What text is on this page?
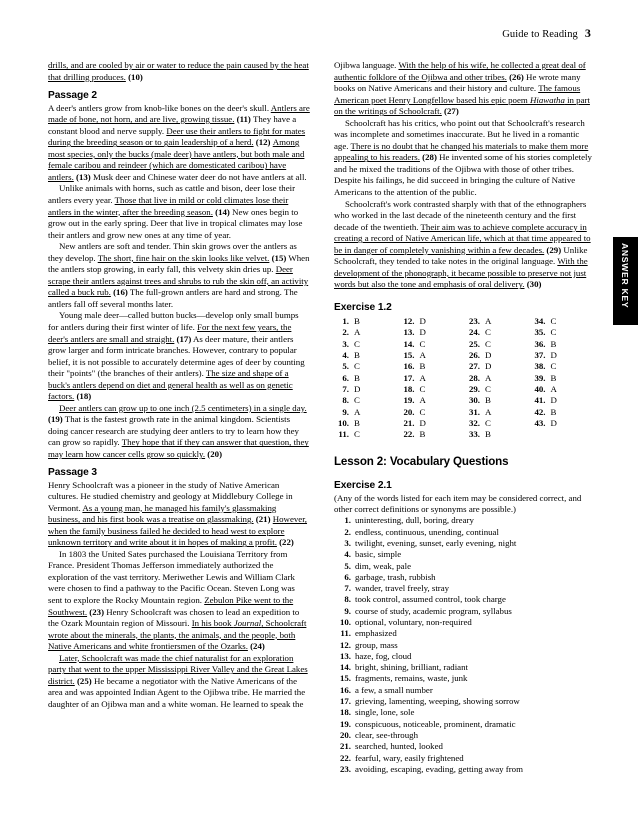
Guide to Reading 3
ANSWER KEY

drills, and are cooled by air or water to reduce the pain caused by the heat that drilling produces. (10)

Passage 2

A deer's antlers grow from knob-like bones on the deer's skull. Antlers are made of bone, not horn, and are live, growing tissue. (11) They have a constant blood and nerve supply. Deer use their antlers to fight for mates during the breeding season or to gain leadership of a herd. (12) Among most species, only the bucks (male deer) have antlers, but both male and female caribou and reindeer (which are domesticated caribou) have antlers. (13) Musk deer and Chinese water deer do not have antlers at all.

Unlike animals with horns, such as cattle and bison, deer lose their antlers every year. Those that live in mild or cold climates lose their antlers in the winter, after the breeding season. (14) New ones begin to grow out in the early spring. Deer that live in tropical climates may lose their antlers and grow new ones at any time of year.

New antlers are soft and tender. Thin skin grows over the antlers as they develop. The short, fine hair on the skin looks like velvet. (15) When the antlers stop growing, in early fall, this velvety skin dries up. Deer scrape their antlers against trees and shrubs to rub the skin off, an activity called a buck rub. (16) The full-grown antlers are hard and strong. The antlers fall off several months later.

Young male deer—called button bucks—develop only small bumps for antlers during their first winter of life. For the next few years, the deer's antlers are small and straight. (17) As deer mature, their antlers grow larger and form intricate branches. However, contrary to popular belief, it is not possible to accurately determine ages of deer by counting their "points" (the branches of their antlers). The size and shape of a buck's antlers depend on diet and general health as well as on genetic factors. (18)

Deer antlers can grow up to one inch (2.5 centimeters) in a single day. (19) That is the fastest growth rate in the animal kingdom. Scientists doing cancer research are studying deer antlers to try to learn how they can grow so rapidly. They hope that if they can answer that question, they may learn how cancer cells grow so quickly. (20)

Passage 3

Henry Schoolcraft was a pioneer in the study of Native American cultures. He studied chemistry and geology at Middlebury College in Vermont. As a young man, he managed his family's glassmaking business, and his first book was a treatise on glassmaking. (21) However, when the family business failed he decided to head west to explore unknown territory and write about it in hopes of making a profit. (22)

In 1803 the United Sates purchased the Louisiana Territory from France. President Thomas Jefferson immediately authorized the exploration of the vast territory. Meriwether Lewis and William Clark were chosen to find a pathway to the Pacific Ocean. Steven Long was sent to explore the Rocky Mountain region. Zebulon Pike went to the Southwest. (23) Henry Schoolcraft was chosen to lead an expedition to the Ozark Mountain region of Missouri. In his book Journal, Schoolcraft wrote about the minerals, the plants, the animals, and the people, both Native Americans and white frontiersmen of the Ozarks. (24)

Later, Schoolcraft was made the chief naturalist for an exploration party that went to the upper Mississippi River Valley and the Great Lakes district. (25) He became a negotiator with the Native Americans of the area and was appointed Indian Agent to the Ojibwa tribe. He married the daughter of an Ojibwa man and a white woman. He learned to speak the

Ojibwa language. With the help of his wife, he collected a great deal of authentic folklore of the Ojibwa and other tribes. (26) He wrote many books on Native Americans and their history and culture. The famous American poet Henry Longfellow based his epic poem Hiawatha in part on the writings of Schoolcraft. (27)

Schoolcraft has his critics, who point out that Schoolcraft's research was incomplete and sometimes inaccurate. But he lived in a romantic age. There is no doubt that he changed his materials to make them more appealing to his readers. (28) He invented some of his stories completely and he mixed the traditions of the Ojibwa with those of other tribes. Despite his failings, he did succeed in bringing the culture of Native Americans to the attention of the public.

Schoolcraft's work contrasted sharply with that of the ethnographers who worked in the last decade of the nineteenth century and the first decade of the twentieth. Their aim was to achieve complete accuracy in creating a record of Native American life, which at that time appeared to be in danger of completely vanishing within a few decades. (29) Unlike Schoolcraft, they tended to take notes in the original language. With the development of the phonograph, it became possible to preserve not just words but also the tone and emphasis of oral delivery. (30)

Exercise 1.2
1. B	12. D	23. A	34. C
2. A	13. D	24. C	35. C
3. C	14. C	25. C	36. B
4. B	15. A	26. D	37. D
5. C	16. B	27. D	38. C
6. B	17. A	28. A	39. B
7. D	18. C	29. C	40. A
8. C	19. A	30. B	41. D
9. A	20. C	31. A	42. B
10. B	21. D	32. C	43. D
11. C	22. B	33. B

Lesson 2: Vocabulary Questions
Exercise 2.1

(Any of the words listed for each item may be considered correct, and other correct definitions or synonyms are possible.)

1. uninteresting, dull, boring, dreary
2. endless, continuous, unending, continual
3. twilight, evening, sunset, early evening, night
4. basic, simple
5. dim, weak, pale
6. garbage, trash, rubbish
7. wander, travel freely, stray
8. took control, assumed control, took charge
9. course of study, academic program, syllabus
10. optional, voluntary, non-required
11. emphasized
12. group, mass
13. haze, fog, cloud
14. bright, shining, brilliant, radiant
15. fragments, remains, waste, junk
16. a few, a small number
17. grieving, lamenting, weeping, showing sorrow
18. single, lone, sole
19. conspicuous, noticeable, prominent, dramatic
20. clear, see-through
21. searched, hunted, looked
22. fearful, wary, easily frightened
23. avoiding, escaping, evading, getting away from
